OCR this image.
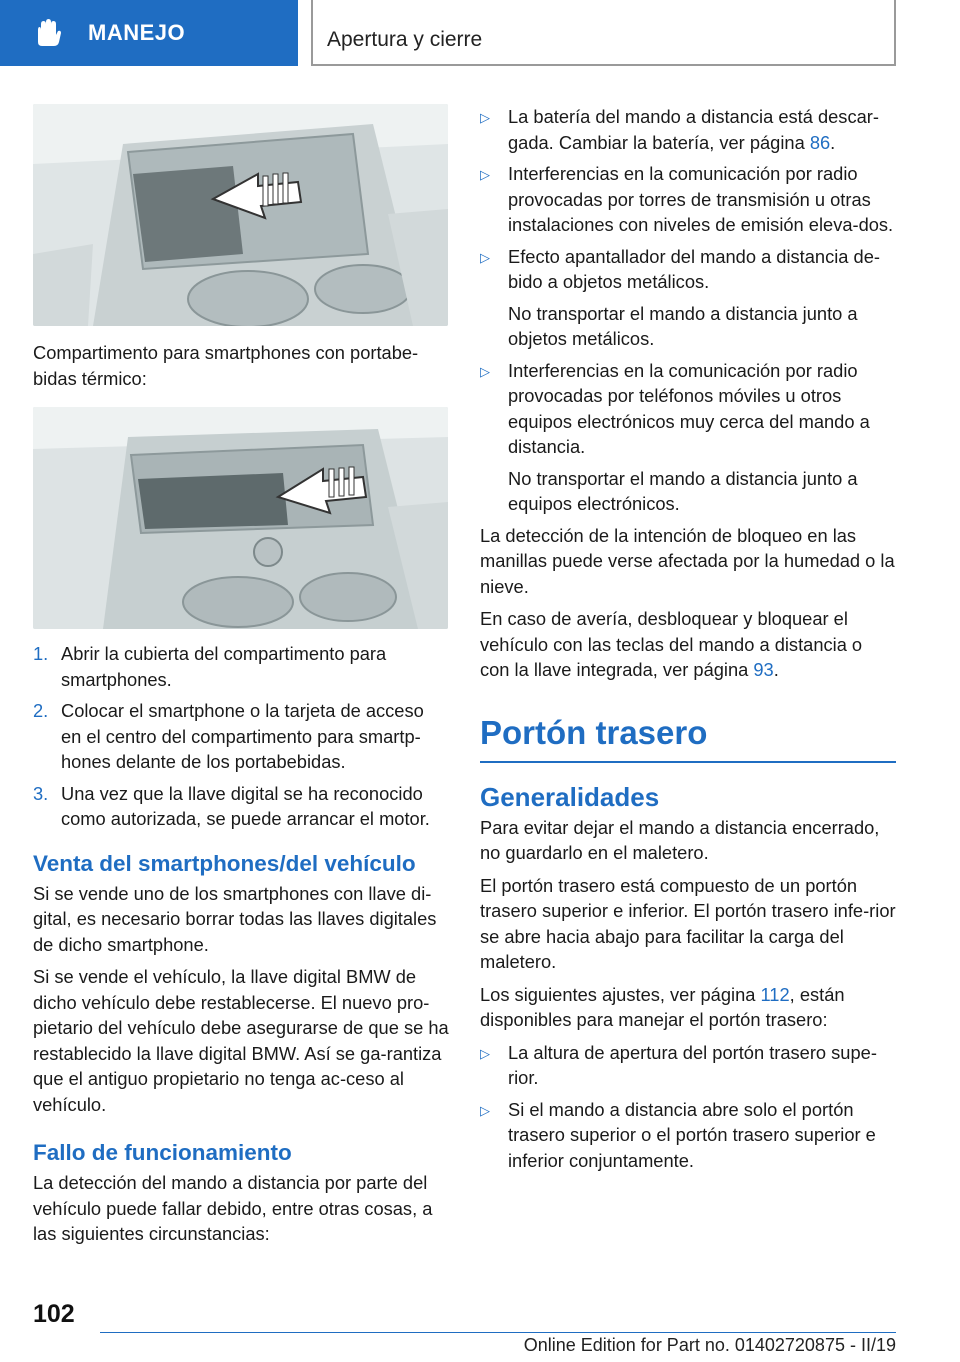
MANEJO	Apertura y cierre
Compartimento para smartphones con portabe-bidas térmico:
1. Abrir la cubierta del compartimento para smartphones.
2. Colocar el smartphone o la tarjeta de acceso en el centro del compartimento para smartp-hones delante de los portabebidas.
3. Una vez que la llave digital se ha reconocido como autorizada, se puede arrancar el motor.
Venta del smartphones/del vehículo

Si se vende uno de los smartphones con llave di-gital, es necesario borrar todas las llaves digitales de dicho smartphone.

Si se vende el vehículo, la llave digital BMW de dicho vehículo debe restablecerse. El nuevo pro-pietario del vehículo debe asegurarse de que se ha restablecido la llave digital BMW. Así se ga-rantiza que el antiguo propietario no tenga ac-ceso al vehículo.

Fallo de funcionamiento

La detección del mando a distancia por parte del vehículo puede fallar debido, entre otras cosas, a las siguientes circunstancias:

▷ La batería del mando a distancia está descar-gada. Cambiar la batería, ver página 86.
▷ Interferencias en la comunicación por radio provocadas por torres de transmisión u otras instalaciones con niveles de emisión eleva-dos.
▷ Efecto apantallador del mando a distancia de-bido a objetos metálicos.
No transportar el mando a distancia junto a objetos metálicos.
▷ Interferencias en la comunicación por radio provocadas por teléfonos móviles u otros equipos electrónicos muy cerca del mando a distancia.
No transportar el mando a distancia junto a equipos electrónicos.

La detección de la intención de bloqueo en las manillas puede verse afectada por la humedad o la nieve.

En caso de avería, desbloquear y bloquear el vehículo con las teclas del mando a distancia o con la llave integrada, ver página 93.

Portón trasero
Generalidades

Para evitar dejar el mando a distancia encerrado, no guardarlo en el maletero.

El portón trasero está compuesto de un portón trasero superior e inferior. El portón trasero infe-rior se abre hacia abajo para facilitar la carga del maletero.

Los siguientes ajustes, ver página 112, están disponibles para manejar el portón trasero:

▷ La altura de apertura del portón trasero supe-rior.
▷ Si el mando a distancia abre solo el portón trasero superior o el portón trasero superior e inferior conjuntamente.
102
Online Edition for Part no. 01402720875 - II/19
